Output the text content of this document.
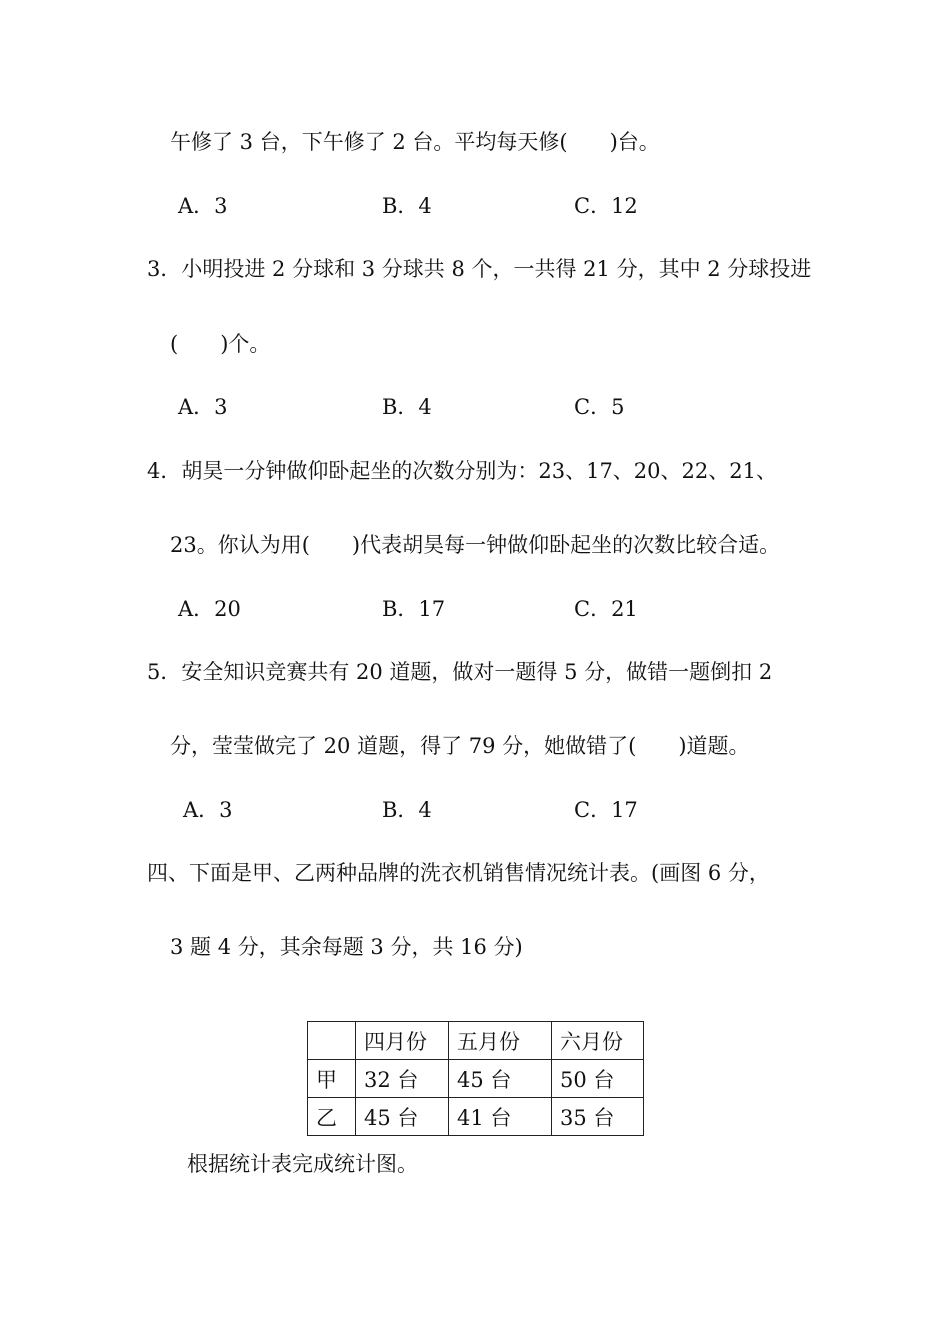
午修了 3 台，下午修了 2 台。平均每天修(　　)台。
A．3	B．4	C．12
3．小明投进 2 分球和 3 分球共 8 个，一共得 21 分，其中 2 分球投进
(　　)个。
A．3	B．4	C．5
4．胡昊一分钟做仰卧起坐的次数分别为：23、17、20、22、21、
23。你认为用(　　)代表胡昊每一钟做仰卧起坐的次数比较合适。
A．20	B．17	C．21
5．安全知识竞赛共有 20 道题，做对一题得 5 分，做错一题倒扣 2
分，莹莹做完了 20 道题，得了 79 分，她做错了(　　)道题。
A．3	B．4	C．17
四、下面是甲、乙两种品牌的洗衣机销售情况统计表。(画图 6 分，
3 题 4 分，其余每题 3 分，共 16 分)
	四月份	五月份	六月份
甲	32 台	45 台	50 台
乙	45 台	41 台	35 台
根据统计表完成统计图。
